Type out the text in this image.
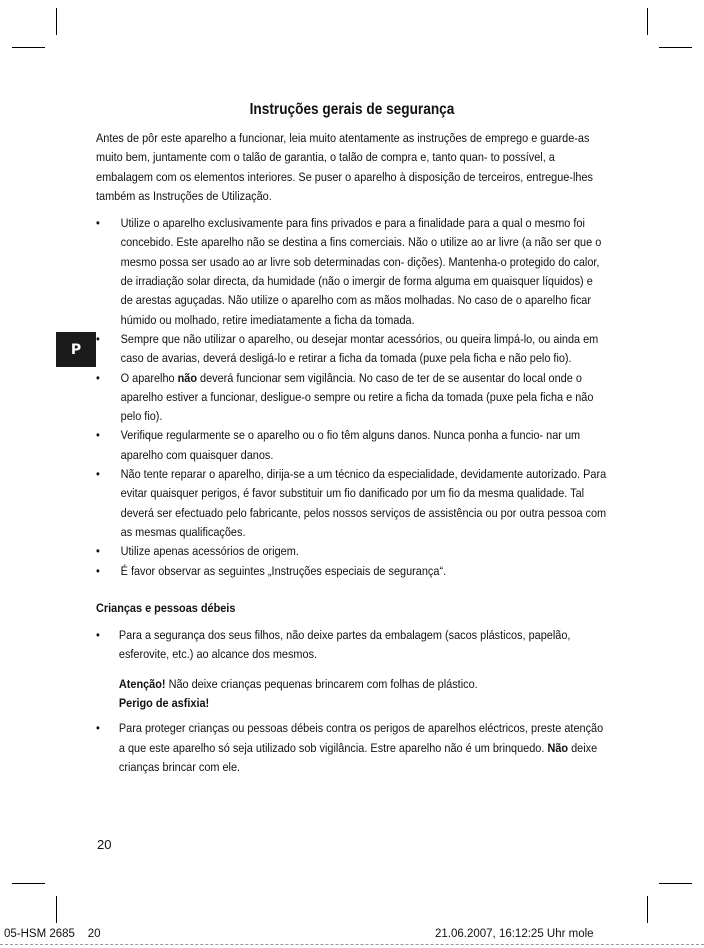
Instruções gerais de segurança
P

Antes de pôr este aparelho a funcionar, leia muito atentamente as instruções de emprego e guarde-as muito bem, juntamente com o talão de garantia, o talão de compra e, tanto quan- to possível, a embalagem com os elementos interiores. Se puser o aparelho à disposição de terceiros, entregue-lhes também as Instruções de Utilização.

• Utilize o aparelho exclusivamente para fins privados e para a finalidade para a qual o mesmo foi concebido. Este aparelho não se destina a fins comerciais. Não o utilize ao ar livre (a não ser que o mesmo possa ser usado ao ar livre sob determinadas con- dições). Mantenha-o protegido do calor, de irradiação solar directa, da humidade (não o imergir de forma alguma em quaisquer líquidos) e de arestas aguçadas. Não utilize o aparelho com as mãos molhadas. No caso de o aparelho ficar húmido ou molhado, retire imediatamente a ficha da tomada.
• Sempre que não utilizar o aparelho, ou desejar montar acessórios, ou queira limpá-lo, ou ainda em caso de avarias, deverá desligá-lo e retirar a ficha da tomada (puxe pela ficha e não pelo fio).
• O aparelho não deverá funcionar sem vigilância. No caso de ter de se ausentar do local onde o aparelho estiver a funcionar, desligue-o sempre ou retire a ficha da tomada (puxe pela ficha e não pelo fio).
• Verifique regularmente se o aparelho ou o fio têm alguns danos. Nunca ponha a funcio- nar um aparelho com quaisquer danos.
• Não tente reparar o aparelho, dirija-se a um técnico da especialidade, devidamente autorizado. Para evitar quaisquer perigos, é favor substituir um fio danificado por um fio da mesma qualidade. Tal deverá ser efectuado pelo fabricante, pelos nossos serviços de assistência ou por outra pessoa com as mesmas qualificações.
• Utilize apenas acessórios de origem.
• É favor observar as seguintes „Instruções especiais de segurança“.

Crianças e pessoas débeis

• Para a segurança dos seus filhos, não deixe partes da embalagem (sacos plásticos, papelão, esferovite, etc.) ao alcance dos mesmos.
Atenção! Não deixe crianças pequenas brincarem com folhas de plástico.
Perigo de asfixia!
• Para proteger crianças ou pessoas débeis contra os perigos de aparelhos eléctricos, preste atenção a que este aparelho só seja utilizado sob vigilância. Estre aparelho não é um brinquedo. Não deixe crianças brincar com ele.
20
05-HSM 2685    20	21.06.2007, 16:12:25 Uhr mole
